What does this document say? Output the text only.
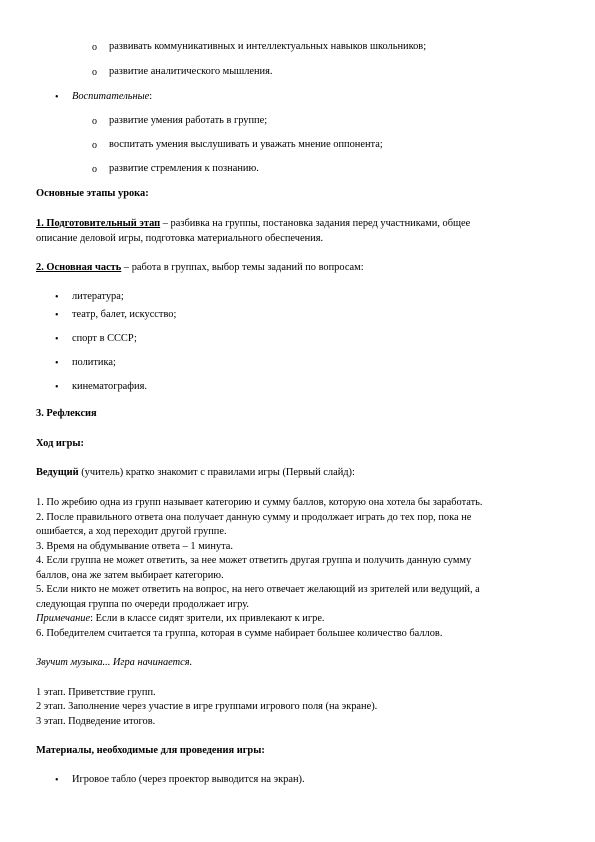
o развивать коммуникативных и интеллектуальных навыков школьников;
o развитие аналитического мышления.
• Воспитательные:
o развитие умения работать в группе;
o воспитать умения выслушивать и уважать мнение оппонента;
o развитие стремления к познанию.
Основные этапы урока:
1. Подготовительный этап – разбивка на группы, постановка задания перед участниками, общее
описание деловой игры, подготовка материального обеспечения.
2. Основная часть – работа в группах, выбор темы заданий по вопросам:
• литература;
• театр, балет, искусство;
• спорт в СССР;
• политика;
• кинематография.
3. Рефлексия
Ход игры:
Ведущий (учитель) кратко знакомит с правилами игры (Первый слайд):
1. По жребию одна из групп называет категорию и сумму баллов, которую она хотела бы заработать.
2. После правильного ответа она получает данную сумму и продолжает играть до тех пор, пока не
ошибается, а ход переходит другой группе.
3. Время на обдумывание ответа – 1 минута.
4. Если группа не может ответить, за нее может ответить другая группа и получить данную сумму
баллов, она же затем выбирает категорию.
5. Если никто не может ответить на вопрос, на него отвечает желающий из зрителей или ведущий, а
следующая группа по очереди продолжает игру.
Примечание: Если в классе сидят зрители, их привлекают к игре.
6. Победителем считается та группа, которая в сумме набирает большее количество баллов.
Звучит музыка... Игра начинается.
1 этап. Приветствие групп.
2 этап. Заполнение через участие в игре группами игрового поля (на экране).
3 этап. Подведение итогов.
Материалы, необходимые для проведения игры:
• Игровое табло (через проектор выводится на экран).
